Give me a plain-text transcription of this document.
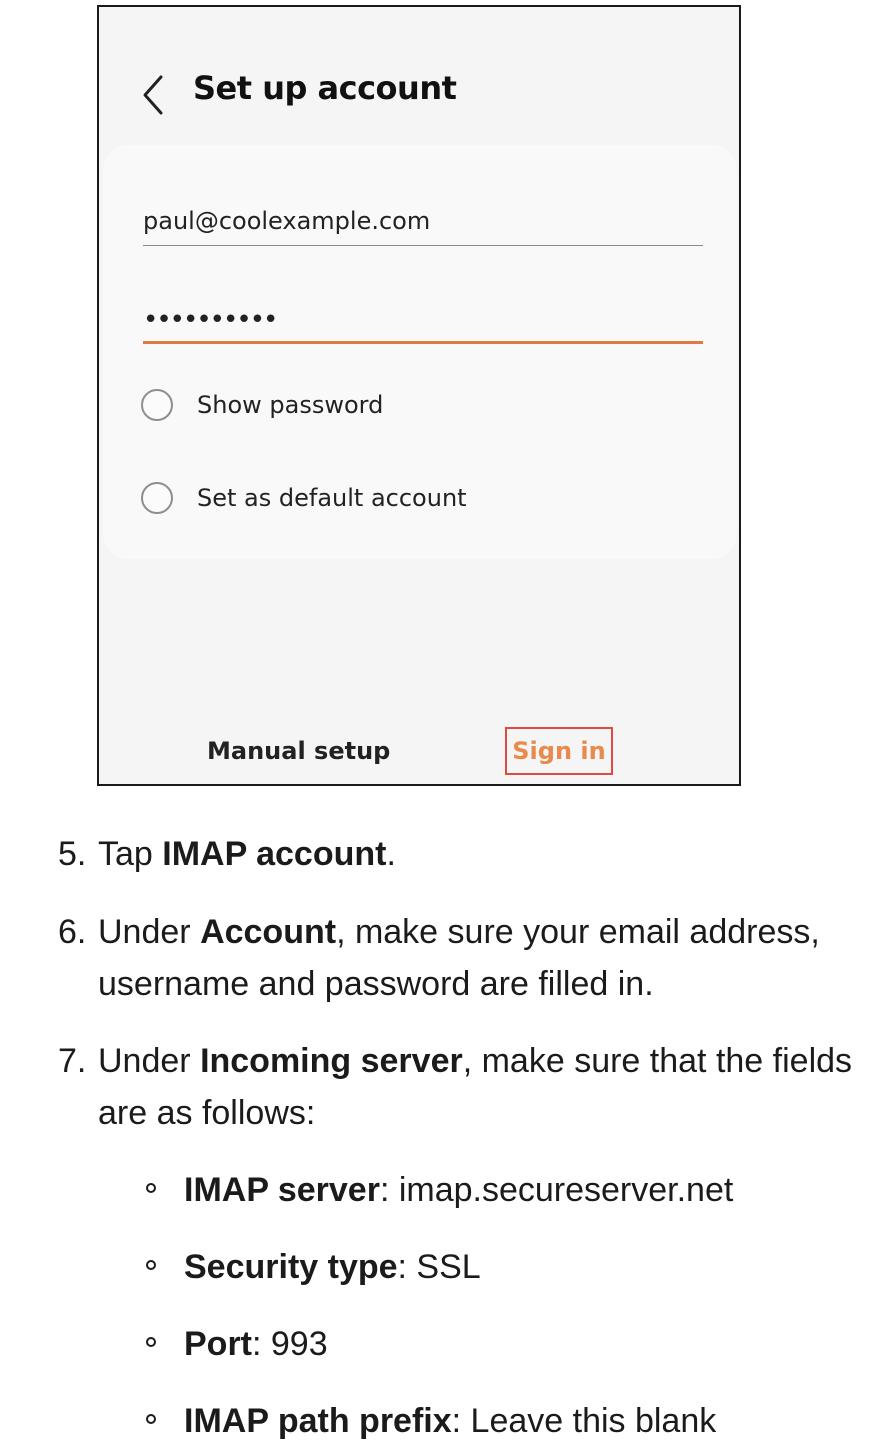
Set up account
paul@coolexample.com
••••••••••
Show password
Set as default account
Manual setup	Sign in
5. Tap IMAP account.
6. Under Account, make sure your email address, username and password are filled in.
7. Under Incoming server, make sure that the fields are as follows:
IMAP server: imap.secureserver.net
Security type: SSL
Port: 993
IMAP path prefix: Leave this blank
